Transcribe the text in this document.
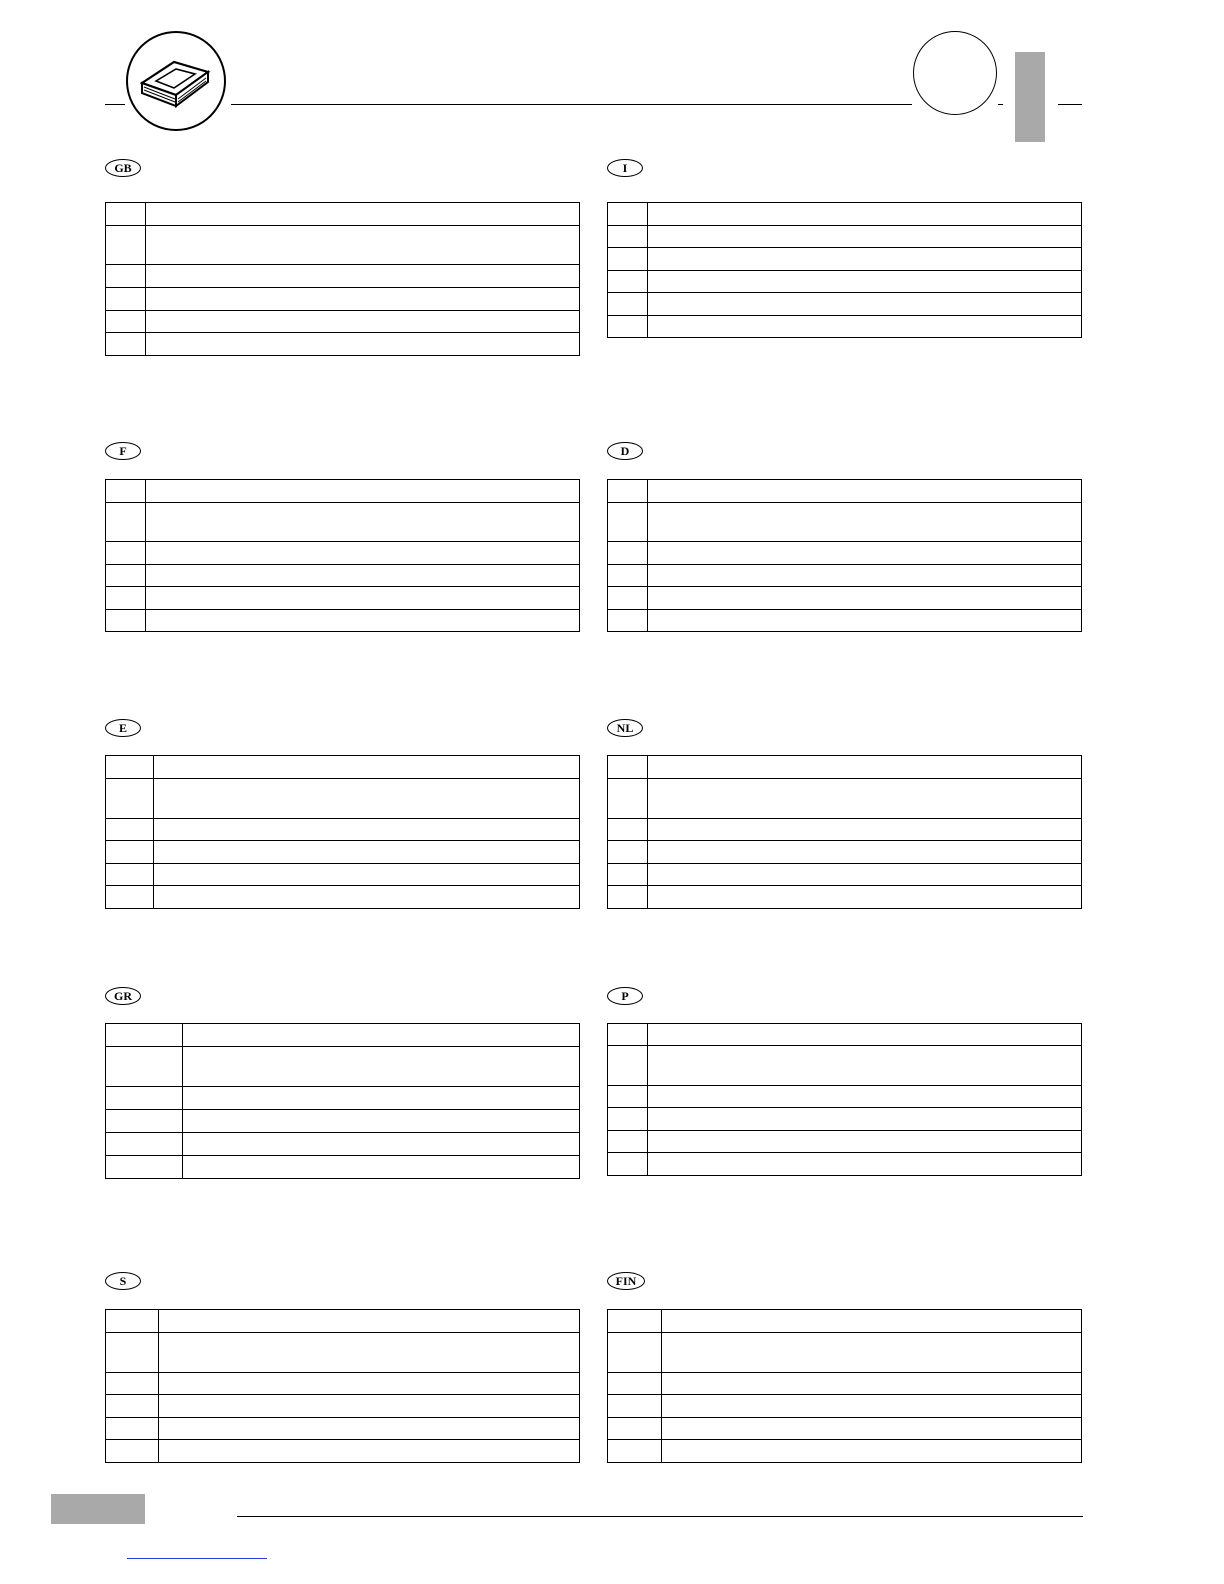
GB

		I

F

		D

E

		NL

GR

		P

S

		FIN
